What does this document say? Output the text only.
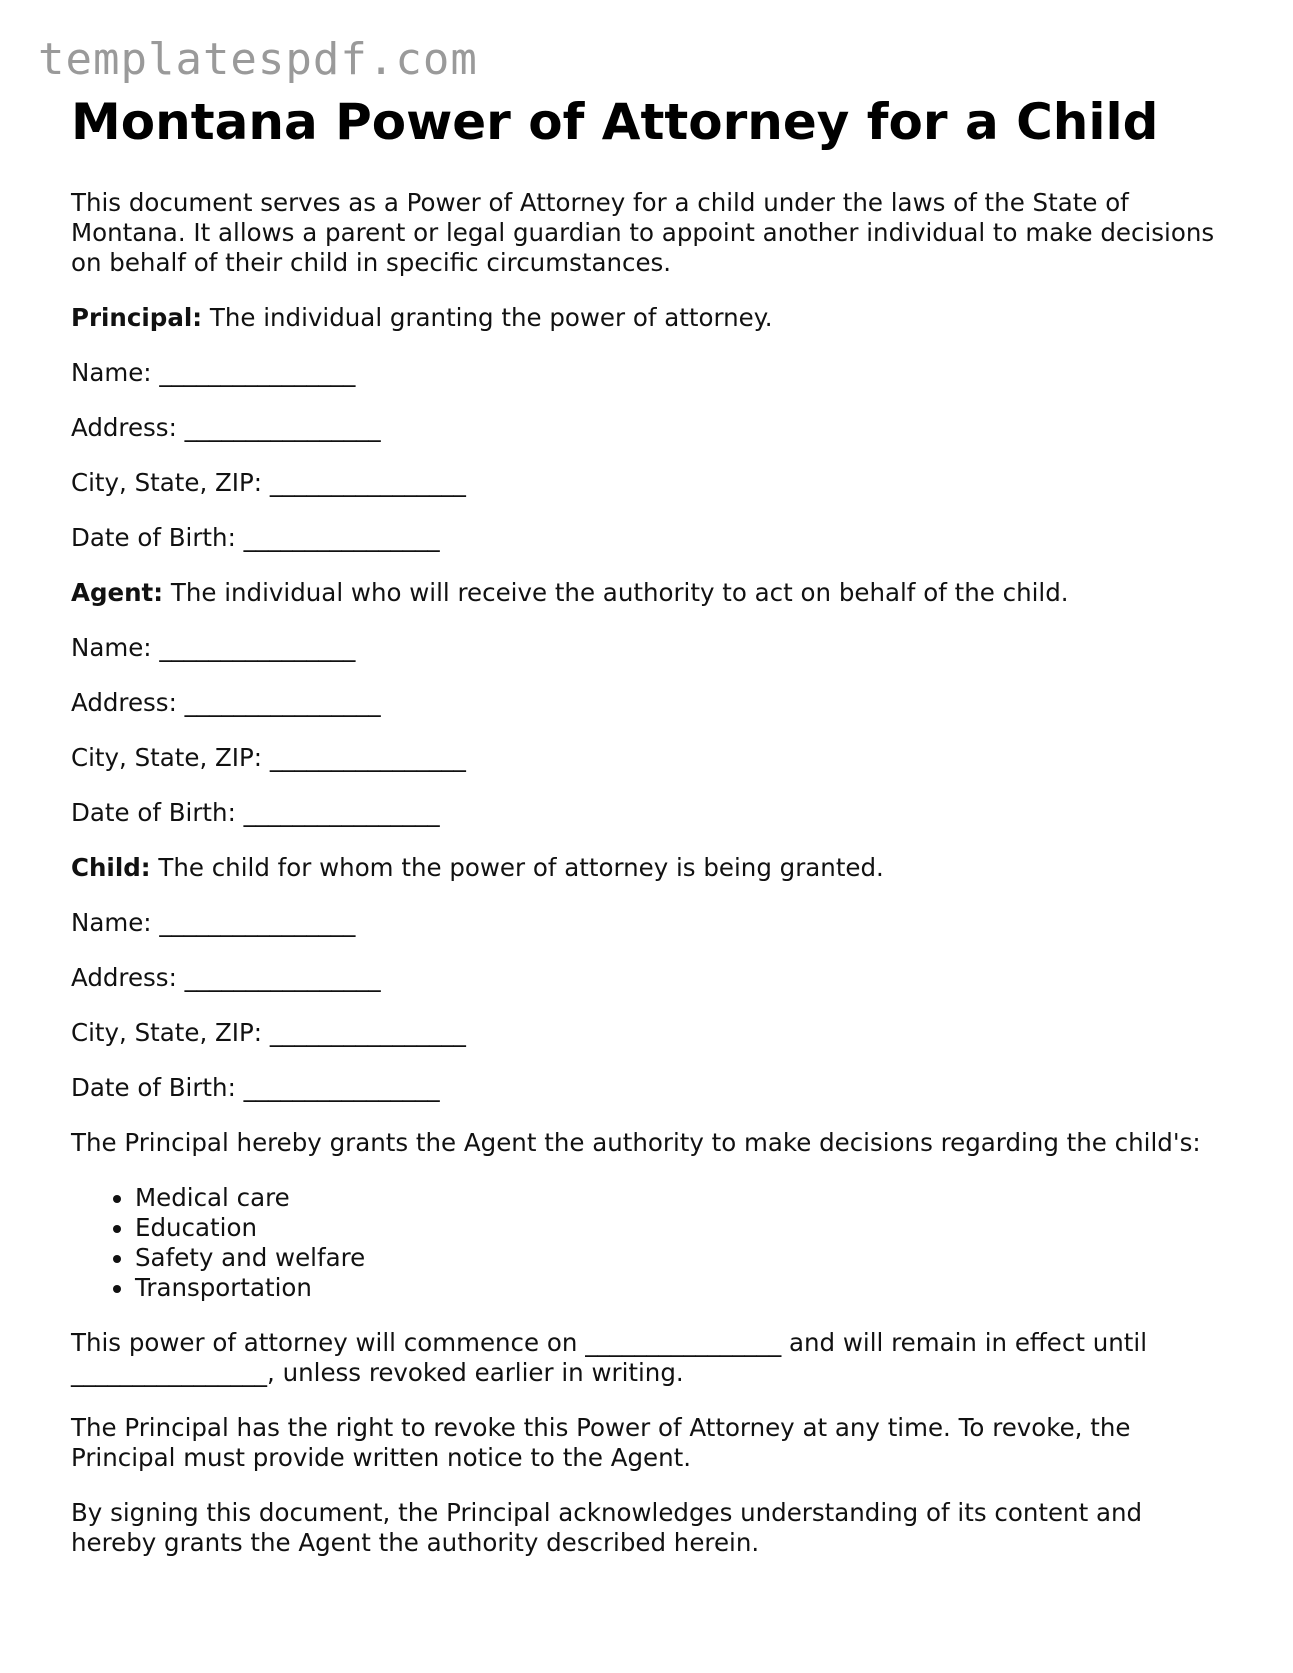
templatespdf.com
Montana Power of Attorney for a Child

This document serves as a Power of Attorney for a child under the laws of the State of Montana. It allows a parent or legal guardian to appoint another individual to make decisions on behalf of their child in specific circumstances.

Principal: The individual granting the power of attorney.

Name: ________________

Address: ________________

City, State, ZIP: ________________

Date of Birth: ________________

Agent: The individual who will receive the authority to act on behalf of the child.

Name: ________________

Address: ________________

City, State, ZIP: ________________

Date of Birth: ________________

Child: The child for whom the power of attorney is being granted.

Name: ________________

Address: ________________

City, State, ZIP: ________________

Date of Birth: ________________

The Principal hereby grants the Agent the authority to make decisions regarding the child's:

• Medical care
• Education
• Safety and welfare
• Transportation

This power of attorney will commence on ________________ and will remain in effect until ________________, unless revoked earlier in writing.

The Principal has the right to revoke this Power of Attorney at any time. To revoke, the Principal must provide written notice to the Agent.

By signing this document, the Principal acknowledges understanding of its content and hereby grants the Agent the authority described herein.
